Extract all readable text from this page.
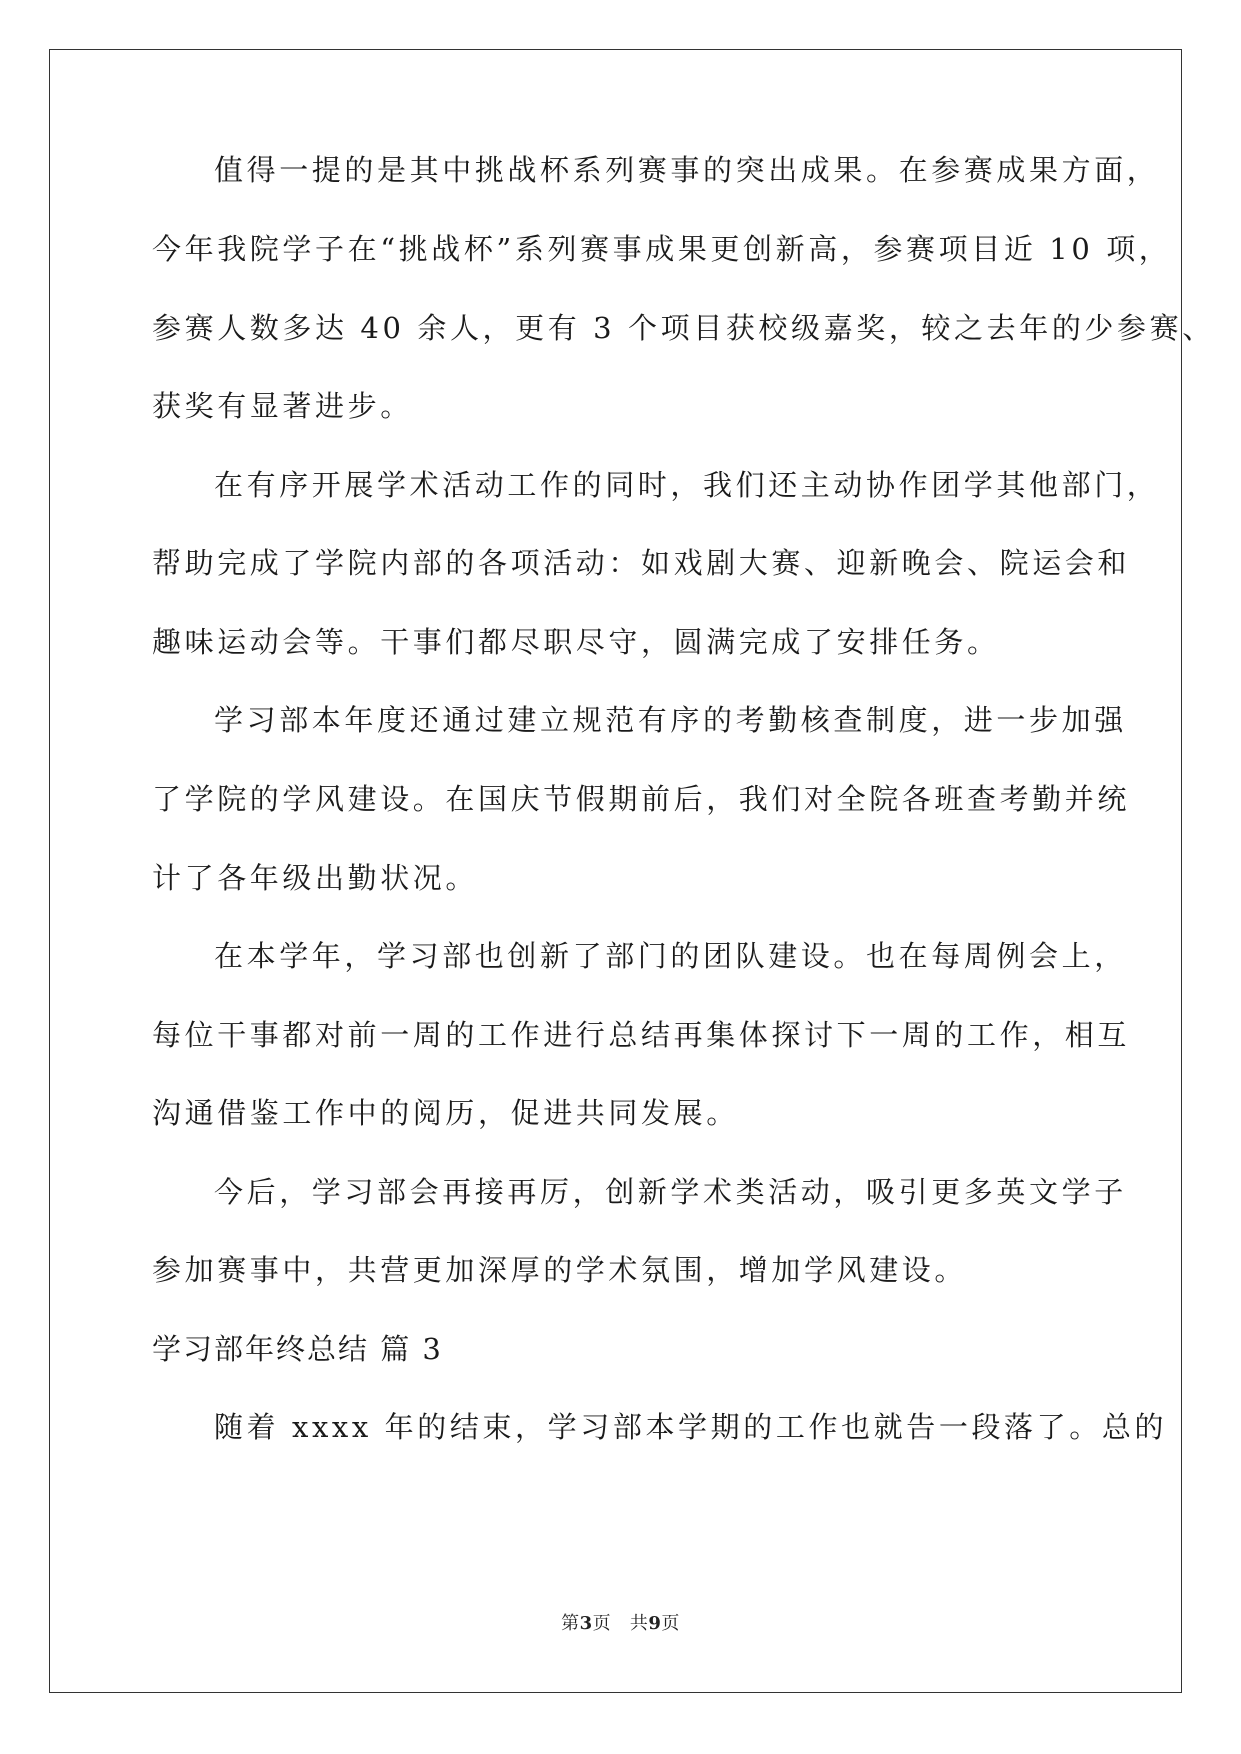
值得一提的是其中挑战杯系列赛事的突出成果。在参赛成果方面，
今年我院学子在“挑战杯”系列赛事成果更创新高，参赛项目近 10 项，
参赛人数多达 40 余人，更有 3 个项目获校级嘉奖，较之去年的少参赛、
获奖有显著进步。
在有序开展学术活动工作的同时，我们还主动协作团学其他部门，
帮助完成了学院内部的各项活动：如戏剧大赛、迎新晚会、院运会和
趣味运动会等。干事们都尽职尽守，圆满完成了安排任务。
学习部本年度还通过建立规范有序的考勤核查制度，进一步加强
了学院的学风建设。在国庆节假期前后，我们对全院各班查考勤并统
计了各年级出勤状况。
在本学年，学习部也创新了部门的团队建设。也在每周例会上，
每位干事都对前一周的工作进行总结再集体探讨下一周的工作，相互
沟通借鉴工作中的阅历，促进共同发展。
今后，学习部会再接再厉，创新学术类活动，吸引更多英文学子
参加赛事中，共营更加深厚的学术氛围，增加学风建设。
学习部年终总结 篇 3
随着 xxxx 年的结束，学习部本学期的工作也就告一段落了。总的
第3页   共9页
